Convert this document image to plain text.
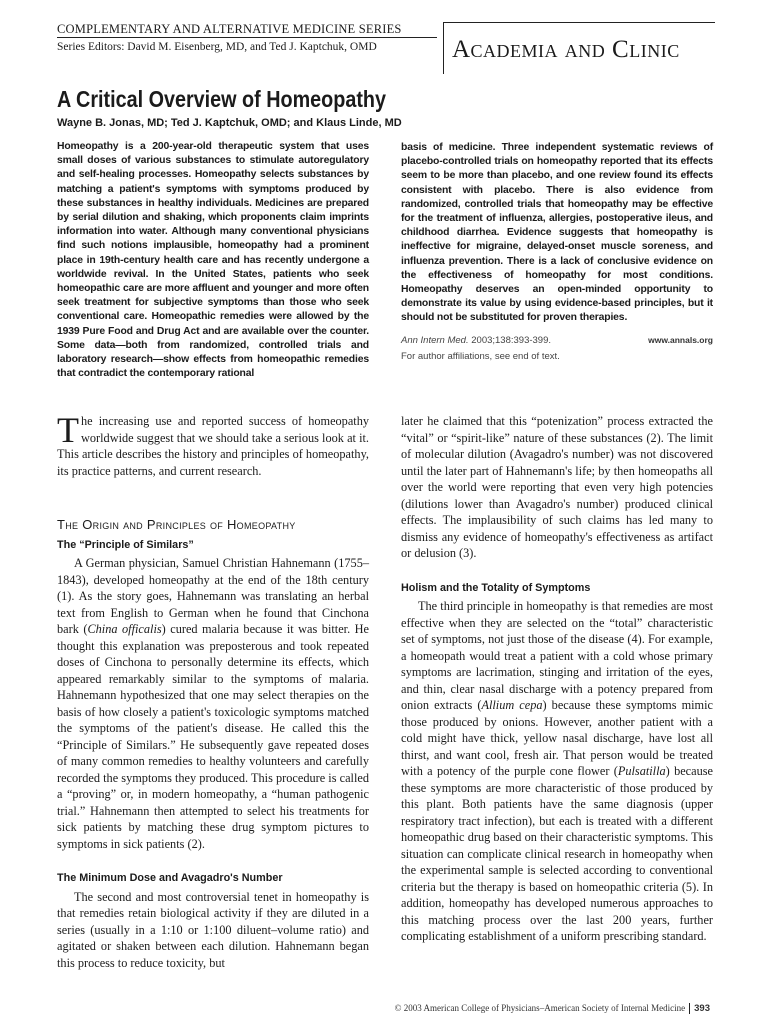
COMPLEMENTARY AND ALTERNATIVE MEDICINE SERIES
Series Editors: David M. Eisenberg, MD, and Ted J. Kaptchuk, OMD	Academia and Clinic
A Critical Overview of Homeopathy
Wayne B. Jonas, MD; Ted J. Kaptchuk, OMD; and Klaus Linde, MD
Homeopathy is a 200-year-old therapeutic system that uses small doses of various substances to stimulate autoregulatory and self-healing processes. Homeopathy selects substances by matching a patient's symptoms with symptoms produced by these substances in healthy individuals. Medicines are prepared by serial dilution and shaking, which proponents claim imprints information into water. Although many conventional physicians find such notions implausible, homeopathy had a prominent place in 19th-century health care and has recently undergone a worldwide revival. In the United States, patients who seek homeopathic care are more affluent and younger and more often seek treatment for subjective symptoms than those who seek conventional care. Homeopathic remedies were allowed by the 1939 Pure Food and Drug Act and are available over the counter. Some data—both from randomized, controlled trials and laboratory research—show effects from homeopathic remedies that contradict the contemporary rational
basis of medicine. Three independent systematic reviews of placebo-controlled trials on homeopathy reported that its effects seem to be more than placebo, and one review found its effects consistent with placebo. There is also evidence from randomized, controlled trials that homeopathy may be effective for the treatment of influenza, allergies, postoperative ileus, and childhood diarrhea. Evidence suggests that homeopathy is ineffective for migraine, delayed-onset muscle soreness, and influenza prevention. There is a lack of conclusive evidence on the effectiveness of homeopathy for most conditions. Homeopathy deserves an open-minded opportunity to demonstrate its value by using evidence-based principles, but it should not be substituted for proven therapies.
Ann Intern Med. 2003;138:393-399.	www.annals.org
For author affiliations, see end of text.

The increasing use and reported success of homeopathy worldwide suggest that we should take a serious look at it. This article describes the history and principles of homeopathy, its practice patterns, and current research.

The Origin and Principles of Homeopathy
The “Principle of Similars”

A German physician, Samuel Christian Hahnemann (1755–1843), developed homeopathy at the end of the 18th century (1). As the story goes, Hahnemann was translating an herbal text from English to German when he found that Cinchona bark (China officalis) cured malaria because it was bitter. He thought this explanation was preposterous and took repeated doses of Cinchona to personally determine its effects, which appeared remarkably similar to the symptoms of malaria. Hahnemann hypothesized that one may select therapies on the basis of how closely a patient's toxicologic symptoms matched the symptoms of the patient's disease. He called this the “Principle of Similars.” He subsequently gave repeated doses of many common remedies to healthy volunteers and carefully recorded the symptoms they produced. This procedure is called a “proving” or, in modern homeopathy, a “human pathogenic trial.” Hahnemann then attempted to select his treatments for sick patients by matching these drug symptom pictures to symptoms in sick patients (2).

The Minimum Dose and Avagadro's Number

The second and most controversial tenet in homeopathy is that remedies retain biological activity if they are diluted in a series (usually in a 1:10 or 1:100 diluent–volume ratio) and agitated or shaken between each dilution. Hahnemann began this process to reduce toxicity, but

later he claimed that this “potenization” process extracted the “vital” or “spirit-like” nature of these substances (2). The limit of molecular dilution (Avagadro's number) was not discovered until the later part of Hahnemann's life; by then homeopaths all over the world were reporting that even very high potencies (dilutions lower than Avagadro's number) produced clinical effects. The implausibility of such claims has led many to dismiss any evidence of homeopathy's effectiveness as artifact or delusion (3).

Holism and the Totality of Symptoms

The third principle in homeopathy is that remedies are most effective when they are selected on the “total” characteristic set of symptoms, not just those of the disease (4). For example, a homeopath would treat a patient with a cold whose primary symptoms are lacrimation, stinging and irritation of the eyes, and thin, clear nasal discharge with a potency prepared from onion extracts (Allium cepa) because these symptoms mimic those produced by onions. However, another patient with a cold might have thick, yellow nasal discharge, have lost all thirst, and want cool, fresh air. That person would be treated with a potency of the purple cone flower (Pulsatilla) because these symptoms are more characteristic of those produced by this plant. Both patients have the same diagnosis (upper respiratory tract infection), but each is treated with a different homeopathic drug based on their characteristic symptoms. This situation can complicate clinical research in homeopathy when the experimental sample is selected according to conventional criteria but the therapy is based on homeopathic criteria (5). In addition, homeopathy has developed numerous approaches to this matching process over the last 200 years, further complicating establishment of a uniform prescribing standard.

© 2003 American College of Physicians–American Society of Internal Medicine 393
